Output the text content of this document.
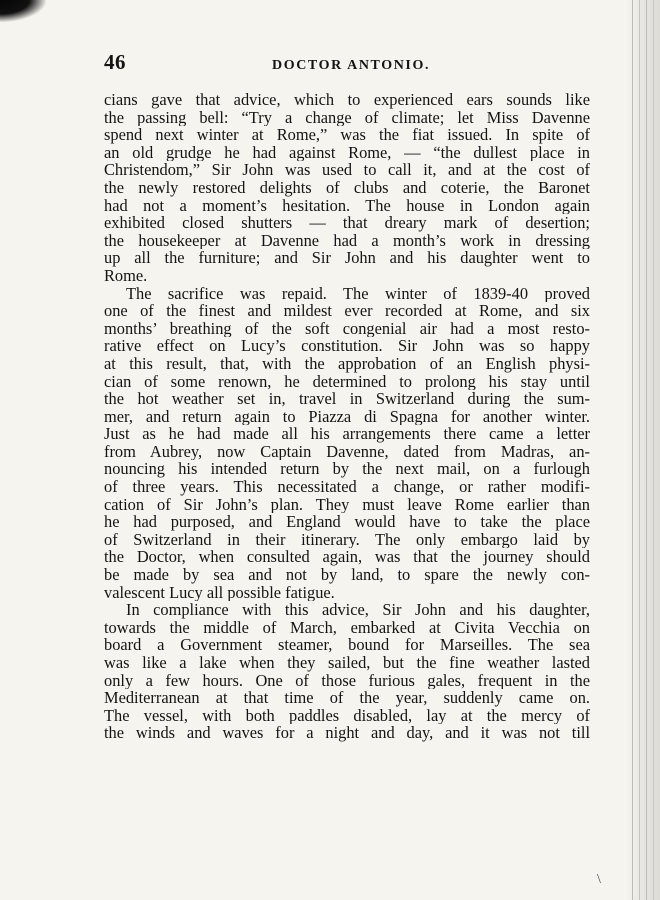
46	DOCTOR ANTONIO.
cians gave that advice, which to experienced ears sounds like
the passing bell: “Try a change of climate; let Miss Davenne
spend next winter at Rome,” was the fiat issued. In spite of
an old grudge he had against Rome, — “the dullest place in
Christendom,” Sir John was used to call it, and at the cost of
the newly restored delights of clubs and coterie, the Baronet
had not a moment’s hesitation. The house in London again
exhibited closed shutters — that dreary mark of desertion;
the housekeeper at Davenne had a month’s work in dressing
up all the furniture; and Sir John and his daughter went to
Rome.
The sacrifice was repaid. The winter of 1839-40 proved
one of the finest and mildest ever recorded at Rome, and six
months’ breathing of the soft congenial air had a most resto-
rative effect on Lucy’s constitution. Sir John was so happy
at this result, that, with the approbation of an English physi-
cian of some renown, he determined to prolong his stay until
the hot weather set in, travel in Switzerland during the sum-
mer, and return again to Piazza di Spagna for another winter.
Just as he had made all his arrangements there came a letter
from Aubrey, now Captain Davenne, dated from Madras, an-
nouncing his intended return by the next mail, on a furlough
of three years. This necessitated a change, or rather modifi-
cation of Sir John’s plan. They must leave Rome earlier than
he had purposed, and England would have to take the place
of Switzerland in their itinerary. The only embargo laid by
the Doctor, when consulted again, was that the journey should
be made by sea and not by land, to spare the newly con-
valescent Lucy all possible fatigue.
In compliance with this advice, Sir John and his daughter,
towards the middle of March, embarked at Civita Vecchia on
board a Government steamer, bound for Marseilles. The sea
was like a lake when they sailed, but the fine weather lasted
only a few hours. One of those furious gales, frequent in the
Mediterranean at that time of the year, suddenly came on.
The vessel, with both paddles disabled, lay at the mercy of
the winds and waves for a night and day, and it was not till
\
